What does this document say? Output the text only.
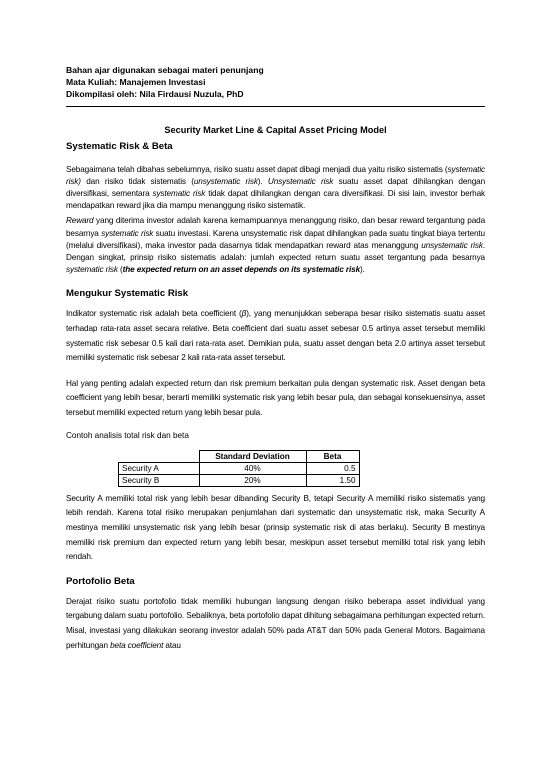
Bahan ajar digunakan sebagai materi penunjang
Mata Kuliah: Manajemen Investasi
Dikompilasi oleh: Nila Firdausi Nuzula, PhD
Security Market Line & Capital Asset Pricing Model
Systematic Risk & Beta

Sebagaimana telah dibahas sebelumnya, risiko suatu asset dapat dibagi menjadi dua yaitu risiko sistematis (systematic risk) dan risiko tidak sistematis (unsystematic risk). Unsystematic risk suatu asset dapat dihilangkan dengan diversifikasi, sementara systematic risk tidak dapat dihilangkan dengan cara diversifikasi. Di sisi lain, investor berhak mendapatkan reward jika dia mampu menanggung risiko sistematik.

Reward yang diterima investor adalah karena kemampuannya menanggung risiko, dan besar reward tergantung pada besarnya systematic risk suatu investasi. Karena unsystematic risk dapat dihilangkan pada suatu tingkat biaya tertentu (melalui diversifikasi), maka investor pada dasarnya tidak mendapatkan reward atas menanggung unsystematic risk. Dengan singkat, prinsip risiko sistematis adalah: jumlah expected return suatu asset tergantung pada besarnya systematic risk (the expected return on an asset depends on its systematic risk).

Mengukur Systematic Risk

Indikator systematic risk adalah beta coefficient (β), yang menunjukkan seberapa besar risiko sistematis suatu asset terhadap rata-rata asset secara relative. Beta coefficient dari suatu asset sebesar 0.5 artinya asset tersebut memiliki systematic risk sebesar 0.5 kali dari rata-rata aset. Demikian pula, suatu asset dengan beta 2.0 artinya asset tersebut memiliki systematic risk sebesar 2 kali rata-rata asset tersebut.

Hal yang penting adalah expected return dan risk premium berkaitan pula dengan systematic risk. Asset dengan beta coefficient yang lebih besar, berarti memiliki systematic risk yang lebih besar pula, dan sebagai konsekuensinya, asset tersebut memiliki expected return yang lebih besar pula.

Contoh analisis total risk dan beta

	Standard Deviation	Beta
Security A	40%	0.5
Security B	20%	1.50

Security A memiliki total risk yang lebih besar dibanding Security B, tetapi Security A memiliki risiko sistematis yang lebih rendah. Karena total risiko merupakan penjumlahan dari systematic dan unsystematic risk, maka Security A mestinya memiliki unsystematic risk yang lebih besar (prinsip systematic risk di atas berlaku). Security B mestinya memiliki risk premium dan expected return yang lebih besar, meskipun asset tersebut memiliki total risk yang lebih rendah.

Portofolio Beta

Derajat risiko suatu portofolio tidak memiliki hubungan langsung dengan risiko beberapa asset individual yang tergabung dalam suatu portofolio. Sebaliknya, beta portofolio dapat dihitung sebagaimana perhitungan expected return. Misal, investasi yang dilakukan seorang investor adalah 50% pada AT&T dan 50% pada General Motors. Bagaimana perhitungan beta coefficient atau
